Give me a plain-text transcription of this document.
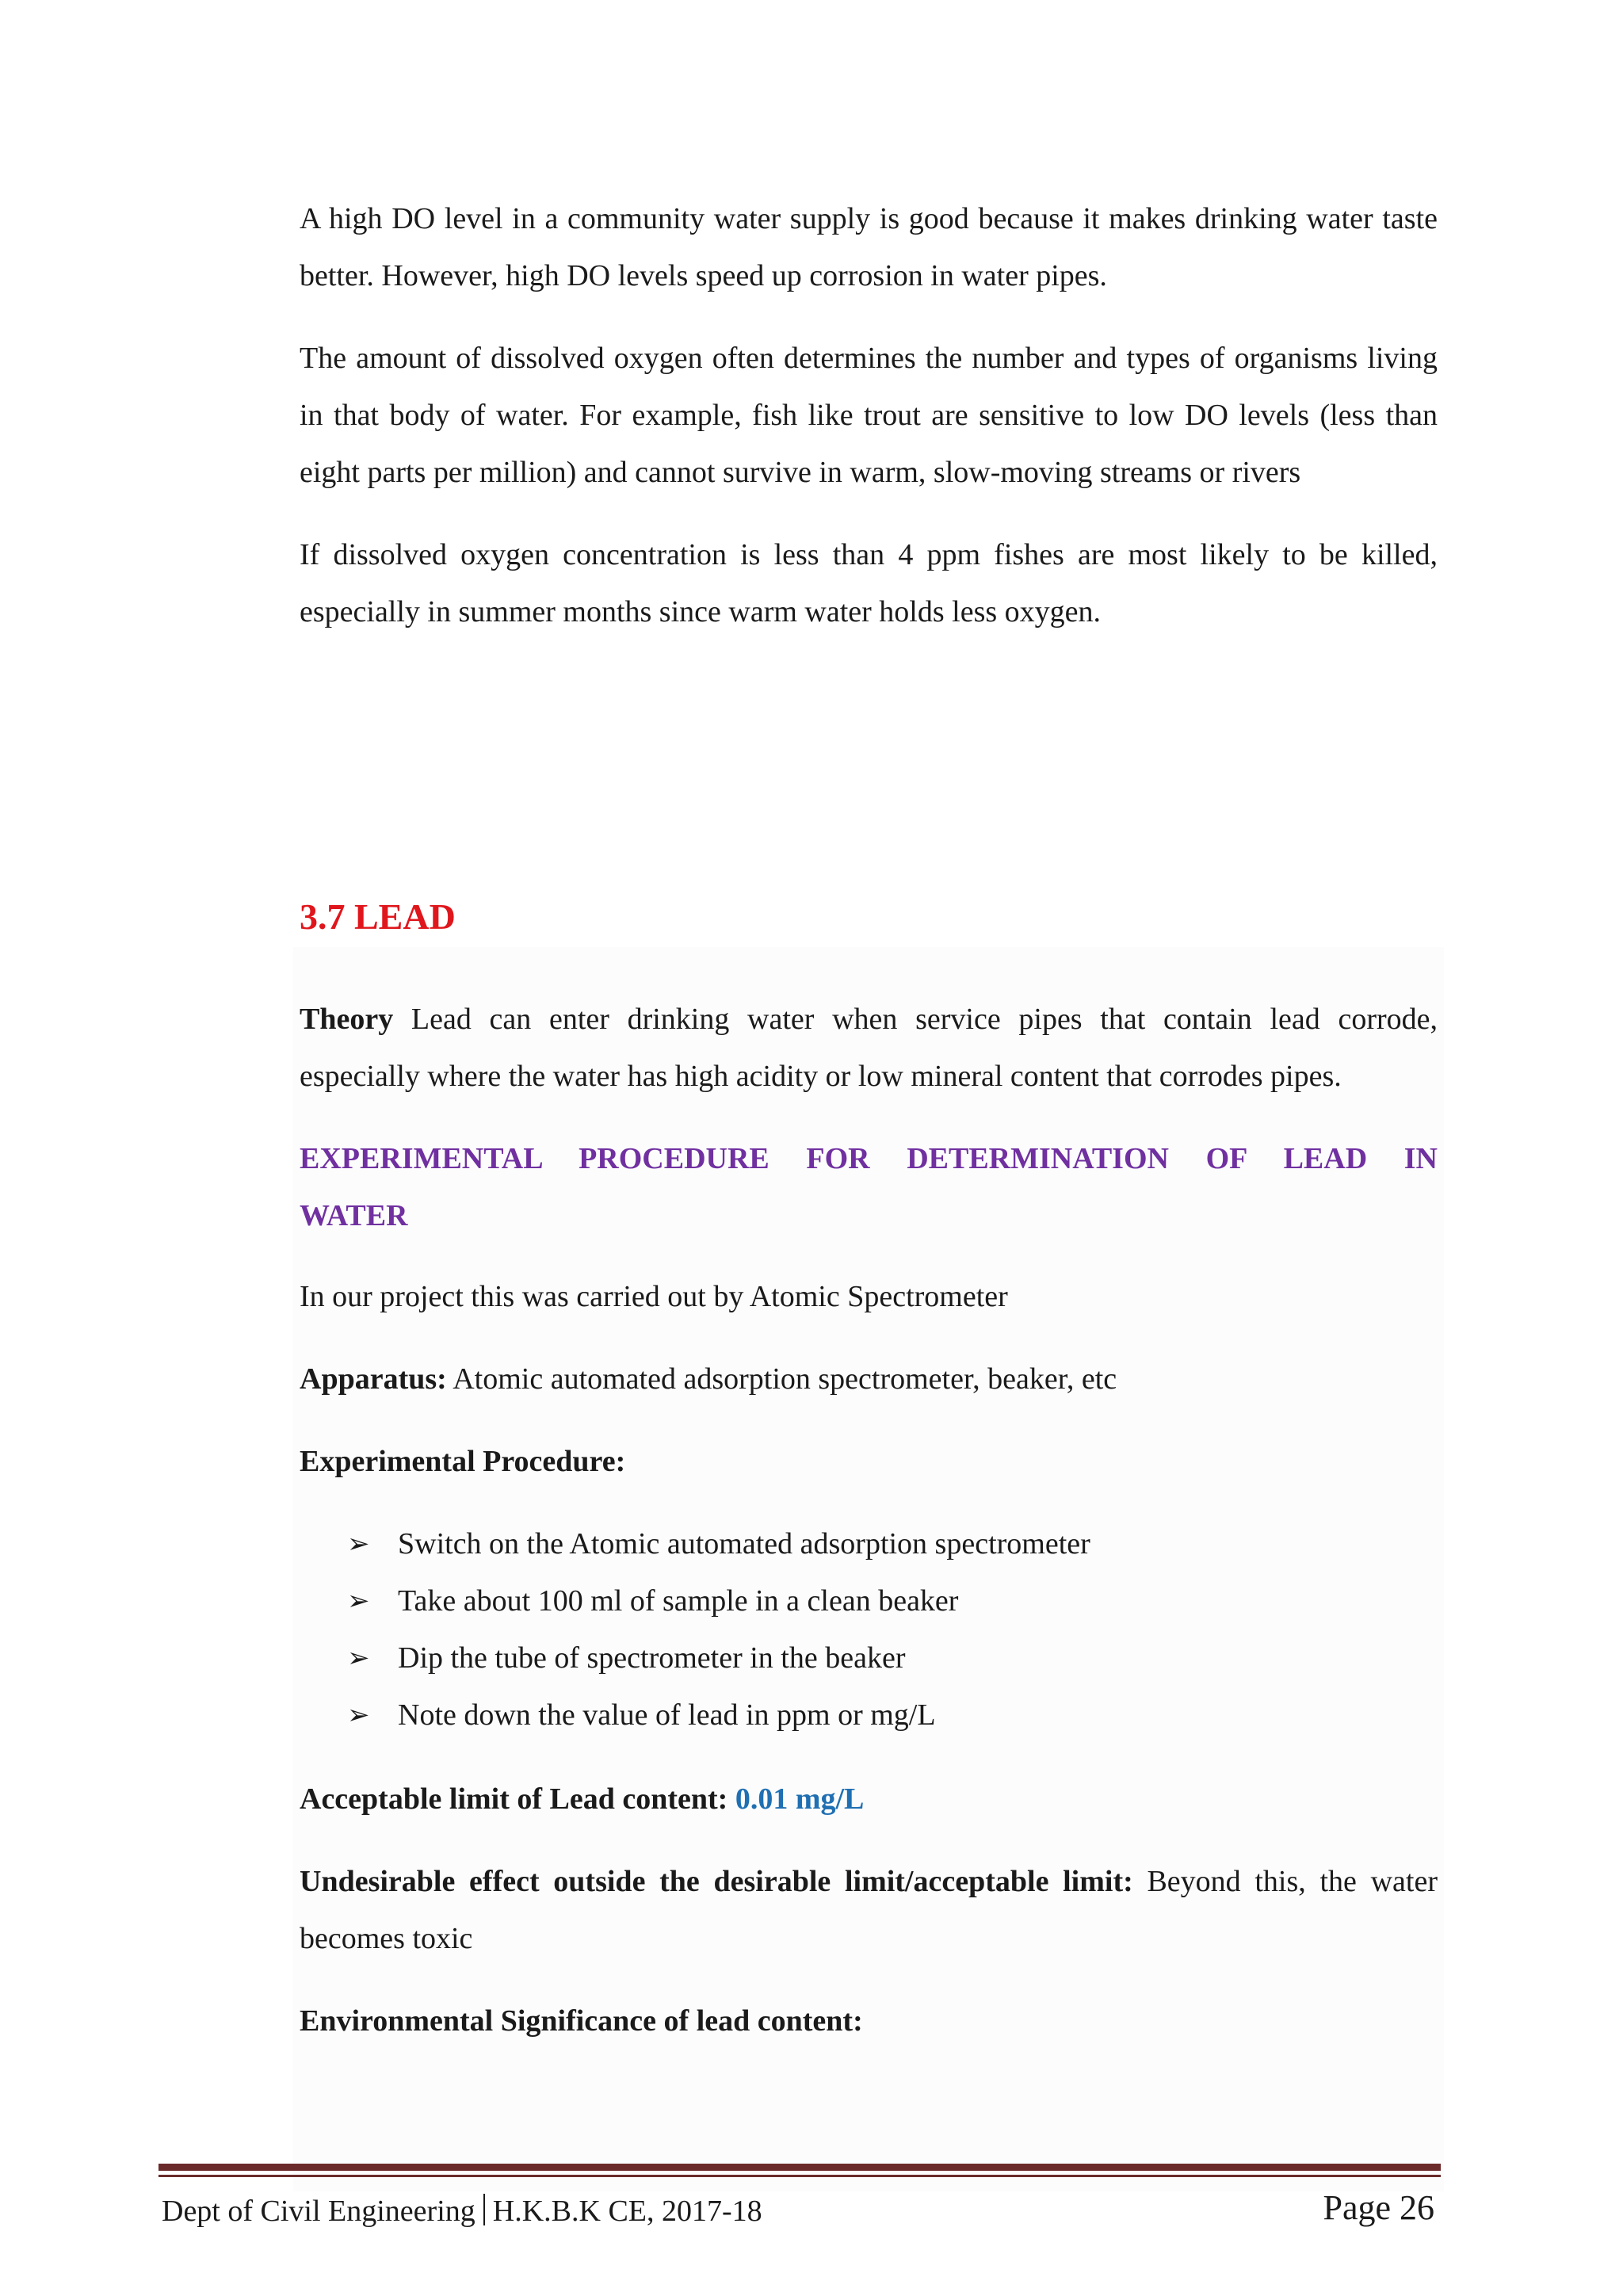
A high DO level in a community water supply is good because it makes drinking water taste better. However, high DO levels speed up corrosion in water pipes.

The amount of dissolved oxygen often determines the number and types of organisms living in that body of water. For example, fish like trout are sensitive to low DO levels (less than eight parts per million) and cannot survive in warm, slow-moving streams or rivers

If dissolved oxygen concentration is less than 4 ppm fishes are most likely to be killed, especially in summer months since warm water holds less oxygen.

3.7 LEAD

Theory Lead can enter drinking water when service pipes that contain lead corrode, especially where the water has high acidity or low mineral content that corrodes pipes.

EXPERIMENTAL PROCEDURE FOR DETERMINATION OF LEAD IN WATER

In our project this was carried out by Atomic Spectrometer

Apparatus: Atomic automated adsorption spectrometer, beaker, etc

Experimental Procedure:

➢ Switch on the Atomic automated adsorption spectrometer
➢ Take about 100 ml of sample in a clean beaker
➢ Dip the tube of spectrometer in the beaker
➢ Note down the value of lead in ppm or mg/L

Acceptable limit of Lead content: 0.01 mg/L

Undesirable effect outside the desirable limit/acceptable limit: Beyond this, the water becomes toxic

Environmental Significance of lead content:

Dept of Civil Engineering H.K.B.K CE, 2017-18	Page 26
